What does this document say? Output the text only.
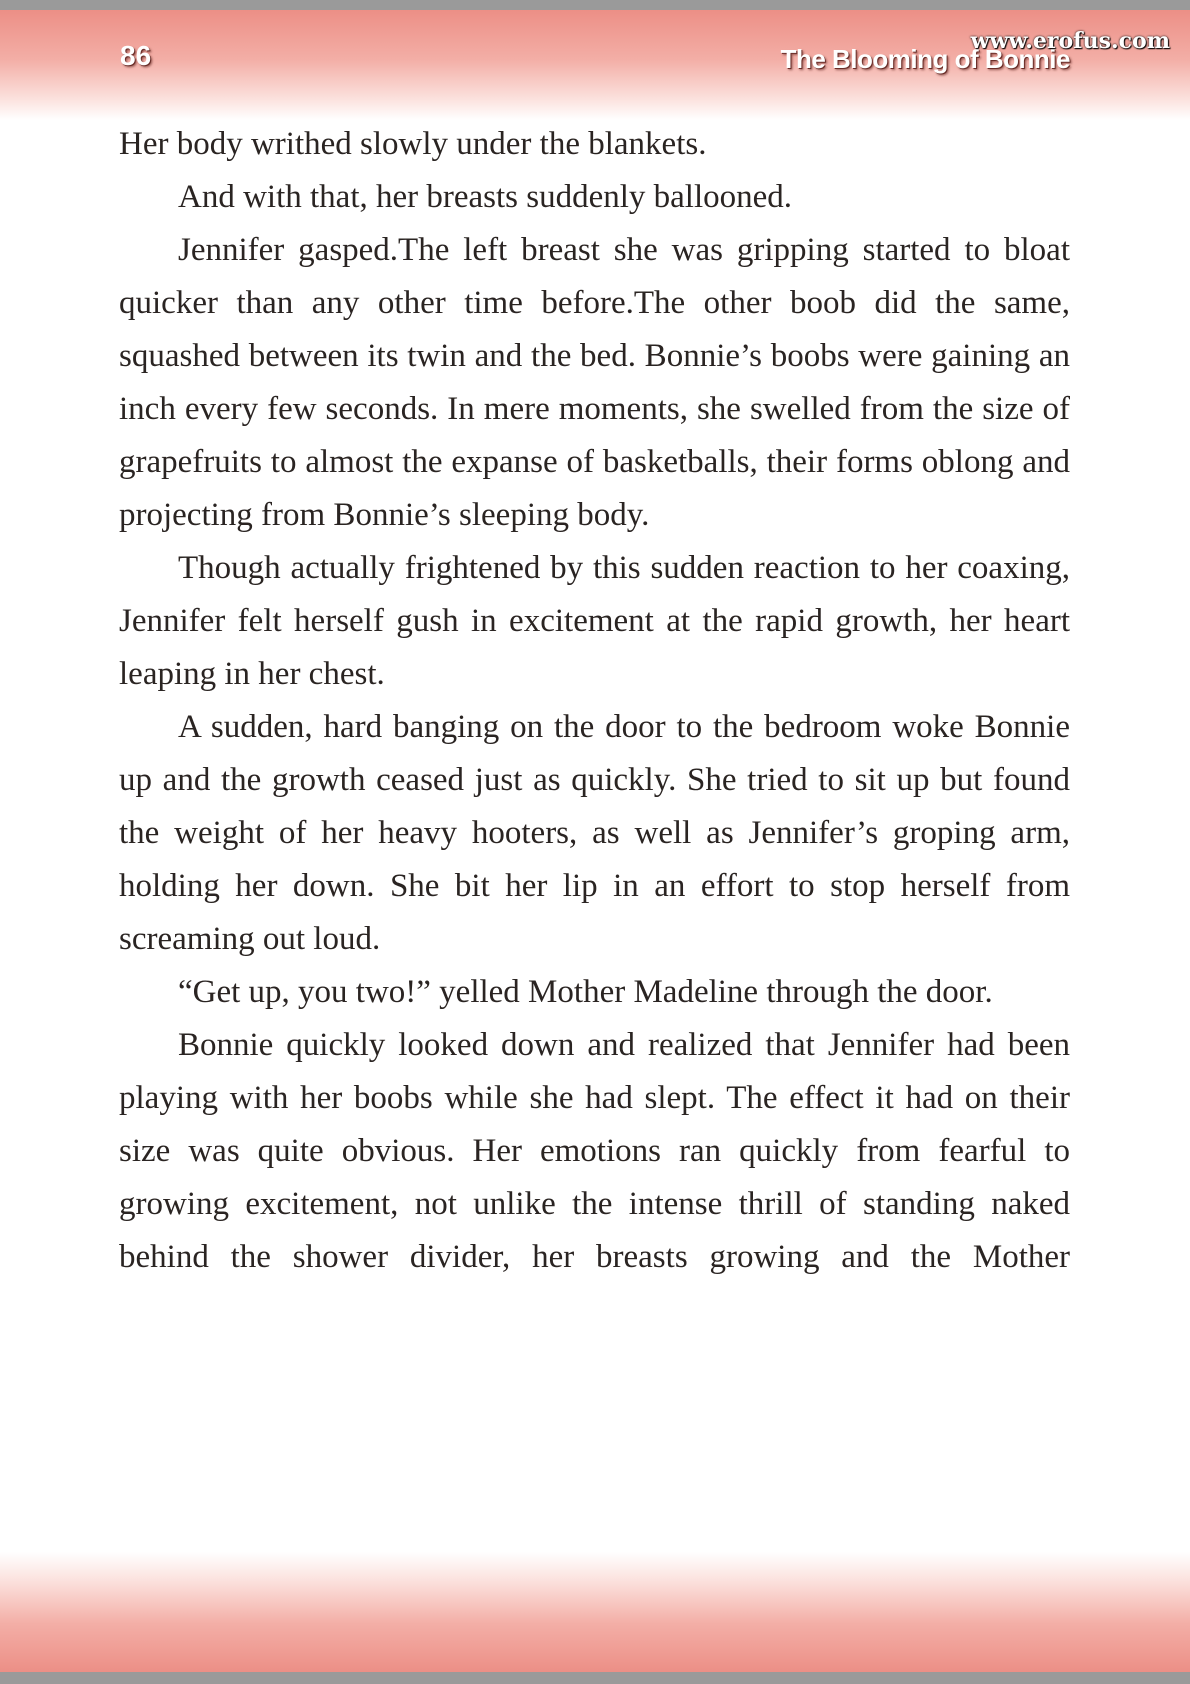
86	The Blooming of Bonnie
www.erofus.com

Her body writhed slowly under the blankets.

And with that, her breasts suddenly ballooned.

Jennifer gasped.The left breast she was gripping started to bloat quicker than any other time before.The other boob did the same, squashed between its twin and the bed. Bonnie’s boobs were gaining an inch every few seconds. In mere moments, she swelled from the size of grapefruits to almost the expanse of basketballs, their forms oblong and projecting from Bonnie’s sleeping body.

Though actually frightened by this sudden reaction to her coaxing, Jennifer felt herself gush in excitement at the rapid growth, her heart leaping in her chest.

A sudden, hard banging on the door to the bedroom woke Bonnie up and the growth ceased just as quickly. She tried to sit up but found the weight of her heavy hooters, as well as Jennifer’s groping arm, holding her down. She bit her lip in an effort to stop herself from screaming out loud.

“Get up, you two!” yelled Mother Madeline through the door.

Bonnie quickly looked down and realized that Jennifer had been playing with her boobs while she had slept. The effect it had on their size was quite obvious. Her emotions ran quickly from fearful to growing excitement, not unlike the intense thrill of standing naked behind the shower divider, her breasts growing and the Mother
